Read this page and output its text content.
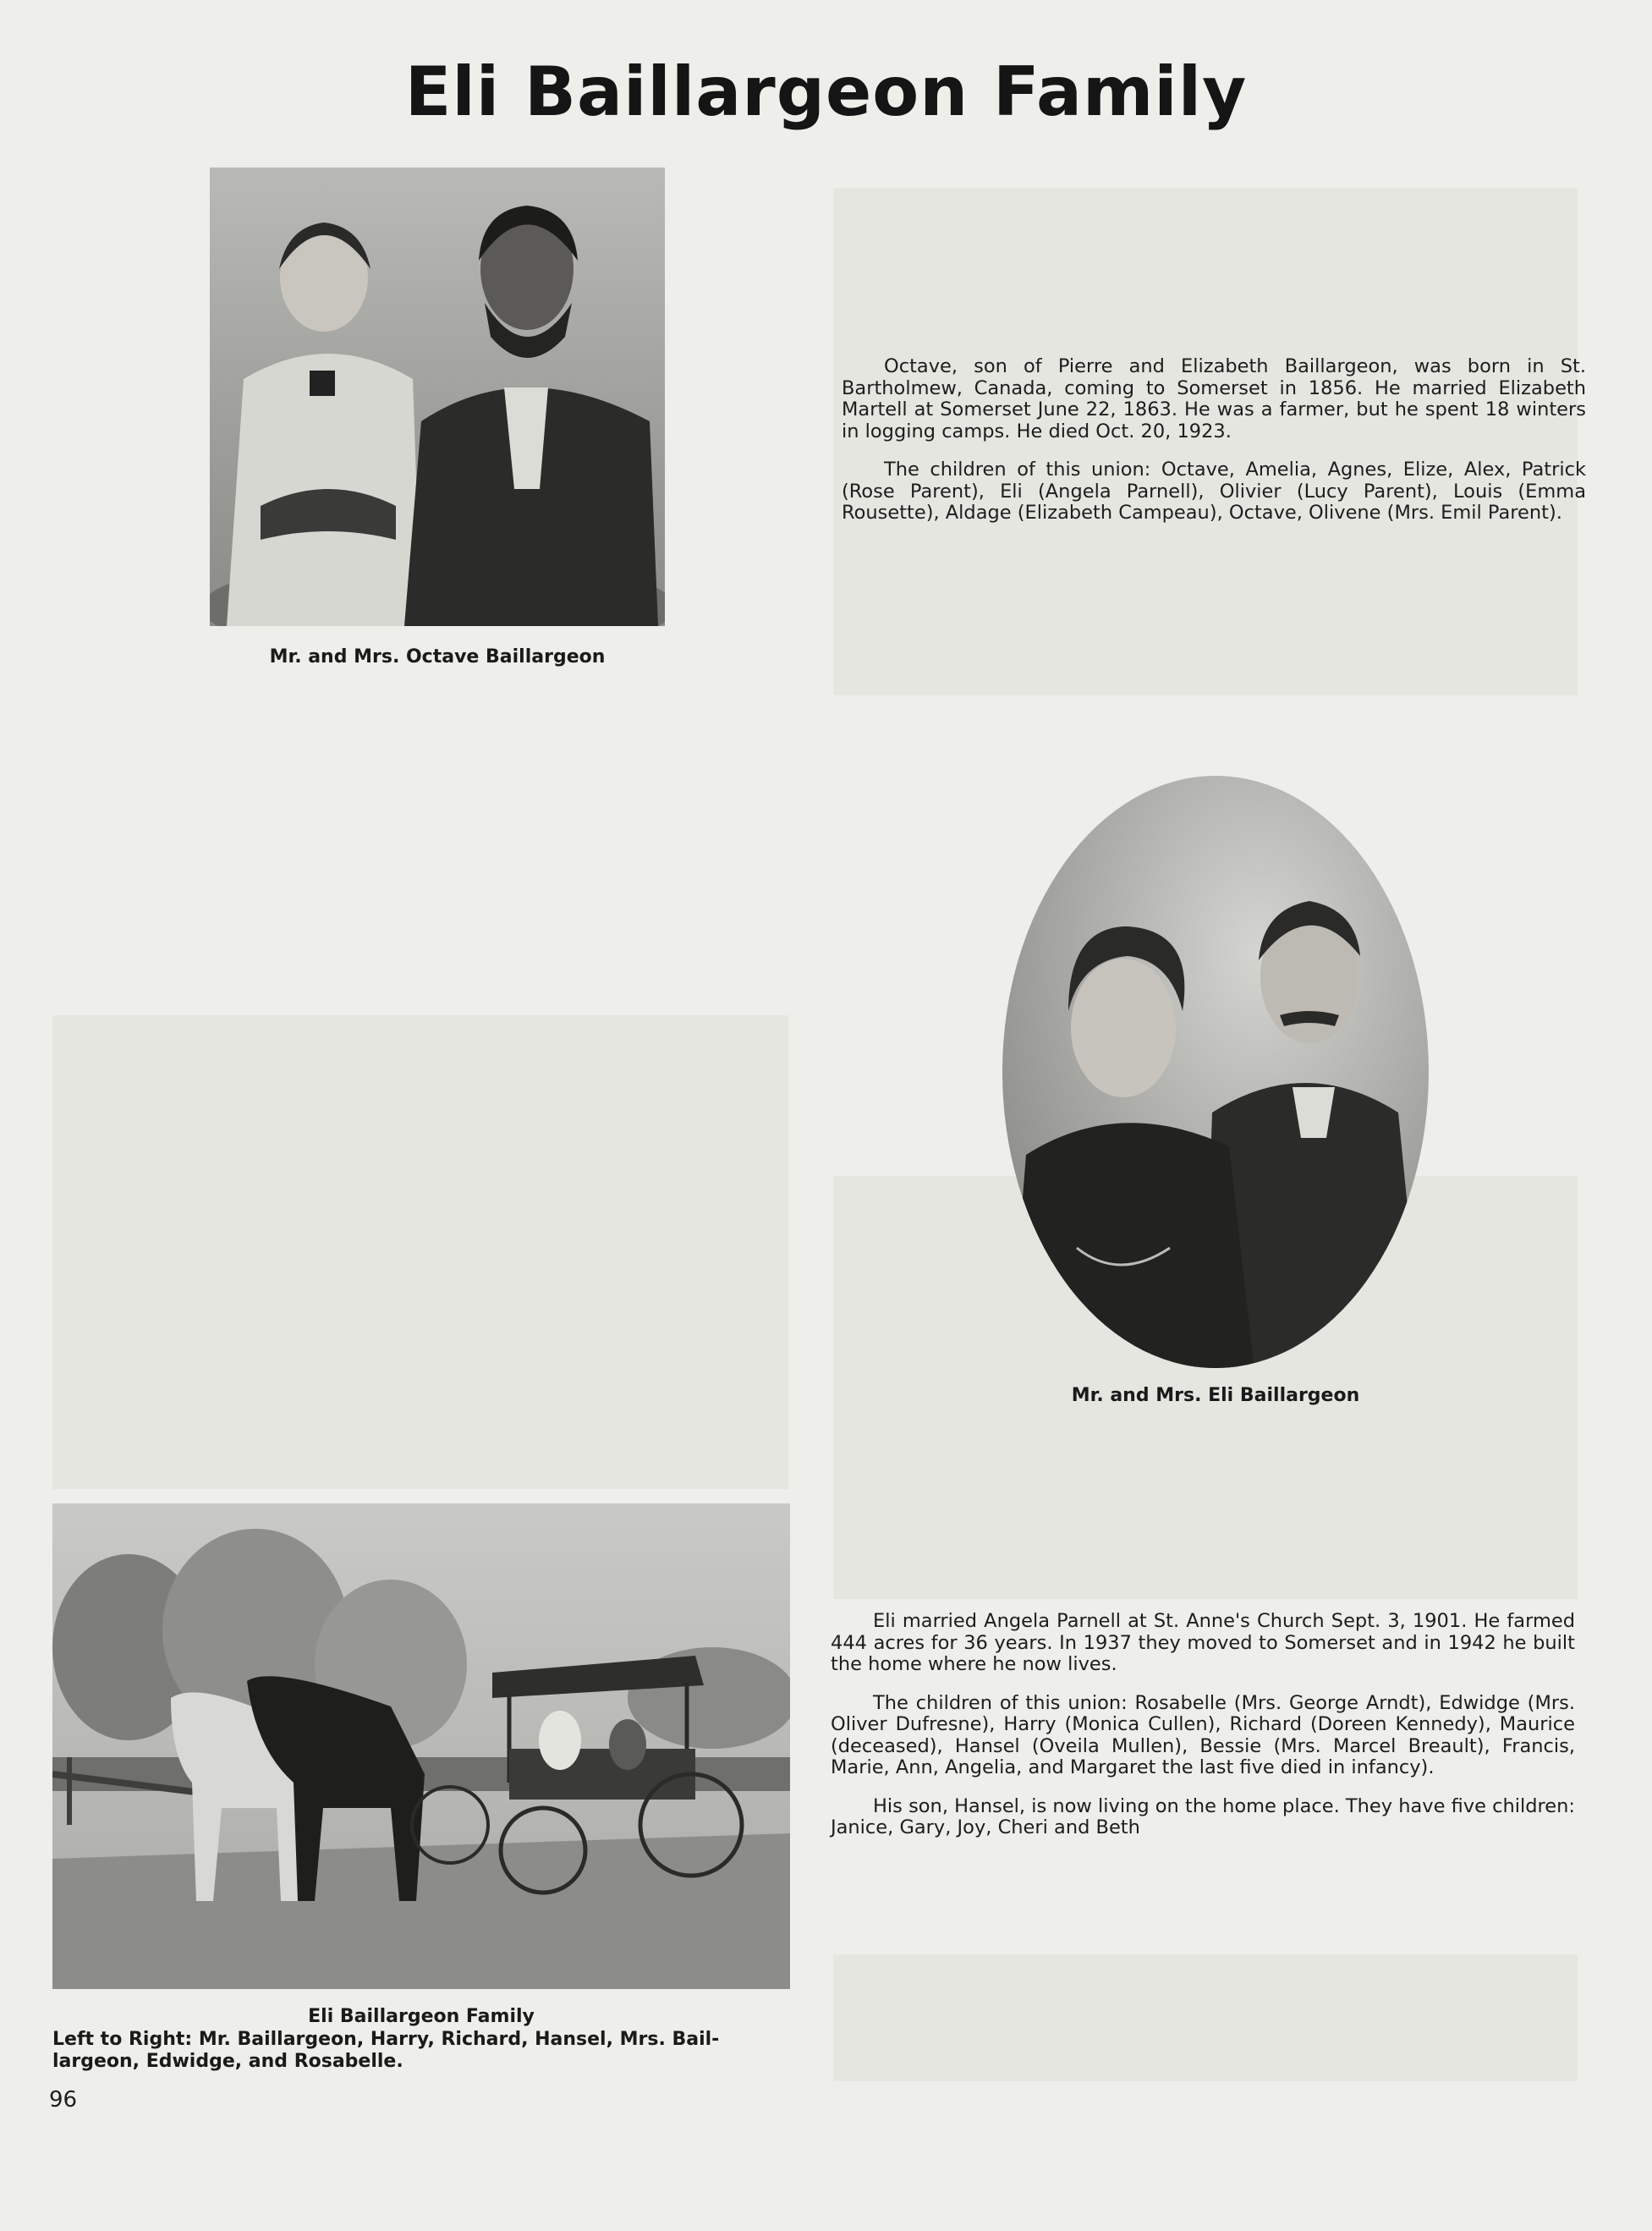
Eli Baillargeon Family

Mr. and Mrs. Octave Baillargeon

Octave, son of Pierre and Elizabeth Baillargeon, was born in St. Bartholmew, Canada, coming to Somerset in 1856. He married Elizabeth Martell at Somerset June 22, 1863. He was a farmer, but he spent 18 winters in logging camps. He died Oct. 20, 1923.

The children of this union: Octave, Amelia, Agnes, Elize, Alex, Patrick (Rose Parent), Eli (Angela Parnell), Olivier (Lucy Parent), Louis (Emma Rousette), Aldage (Elizabeth Campeau), Octave, Olivene (Mrs. Emil Parent).

Mr. and Mrs. Eli Baillargeon

Eli Baillargeon Family

Left to Right: Mr. Baillargeon, Harry, Richard, Hansel, Mrs. Bail-

largeon, Edwidge, and Rosabelle.

Eli married Angela Parnell at St. Anne's Church Sept. 3, 1901. He farmed 444 acres for 36 years. In 1937 they moved to Somerset and in 1942 he built the home where he now lives.

The children of this union: Rosabelle (Mrs. George Arndt), Edwidge (Mrs. Oliver Dufresne), Harry (Monica Cullen), Richard (Doreen Kennedy), Maurice (deceased), Hansel (Oveila Mullen), Bessie (Mrs. Marcel Breault), Francis, Marie, Ann, Angelia, and Margaret the last five died in infancy).

His son, Hansel, is now living on the home place. They have five children: Janice, Gary, Joy, Cheri and Beth

96
